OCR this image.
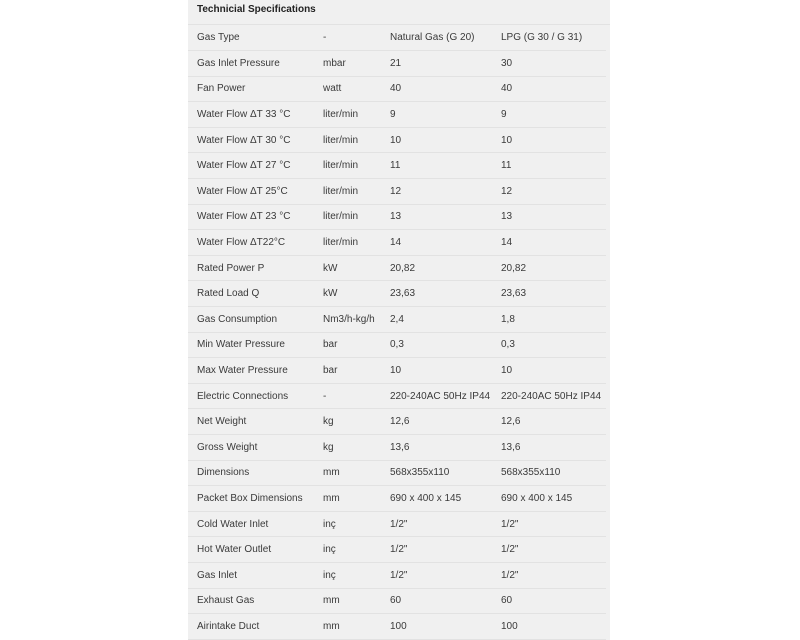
Technicial Specifications
Gas Type	-	Natural Gas (G 20)	LPG (G 30 / G 31)
Gas Inlet Pressure	mbar	21	30
Fan Power	watt	40	40
Water Flow ΔT 33 °C	liter/min	9	9
Water Flow ΔT 30 °C	liter/min	10	10
Water Flow ΔT 27 °C	liter/min	11	11
Water Flow ΔT 25°C	liter/min	12	12
Water Flow ΔT 23 °C	liter/min	13	13
Water Flow ΔT22°C	liter/min	14	14
Rated Power P	kW	20,82	20,82
Rated Load Q	kW	23,63	23,63
Gas Consumption	Nm3/h-kg/h	2,4	1,8
Min Water Pressure	bar	0,3	0,3
Max Water Pressure	bar	10	10
Electric Connections	-	220-240AC 50Hz IP44	220-240AC 50Hz IP44
Net Weight	kg	12,6	12,6
Gross Weight	kg	13,6	13,6
Dimensions	mm	568x355x110	568x355x110
Packet Box Dimensions	mm	690 x 400 x 145	690 x 400 x 145
Cold Water Inlet	inç	1/2"	1/2"
Hot Water Outlet	inç	1/2"	1/2"
Gas Inlet	inç	1/2"	1/2"
Exhaust Gas	mm	60	60
Airintake Duct	mm	100	100
